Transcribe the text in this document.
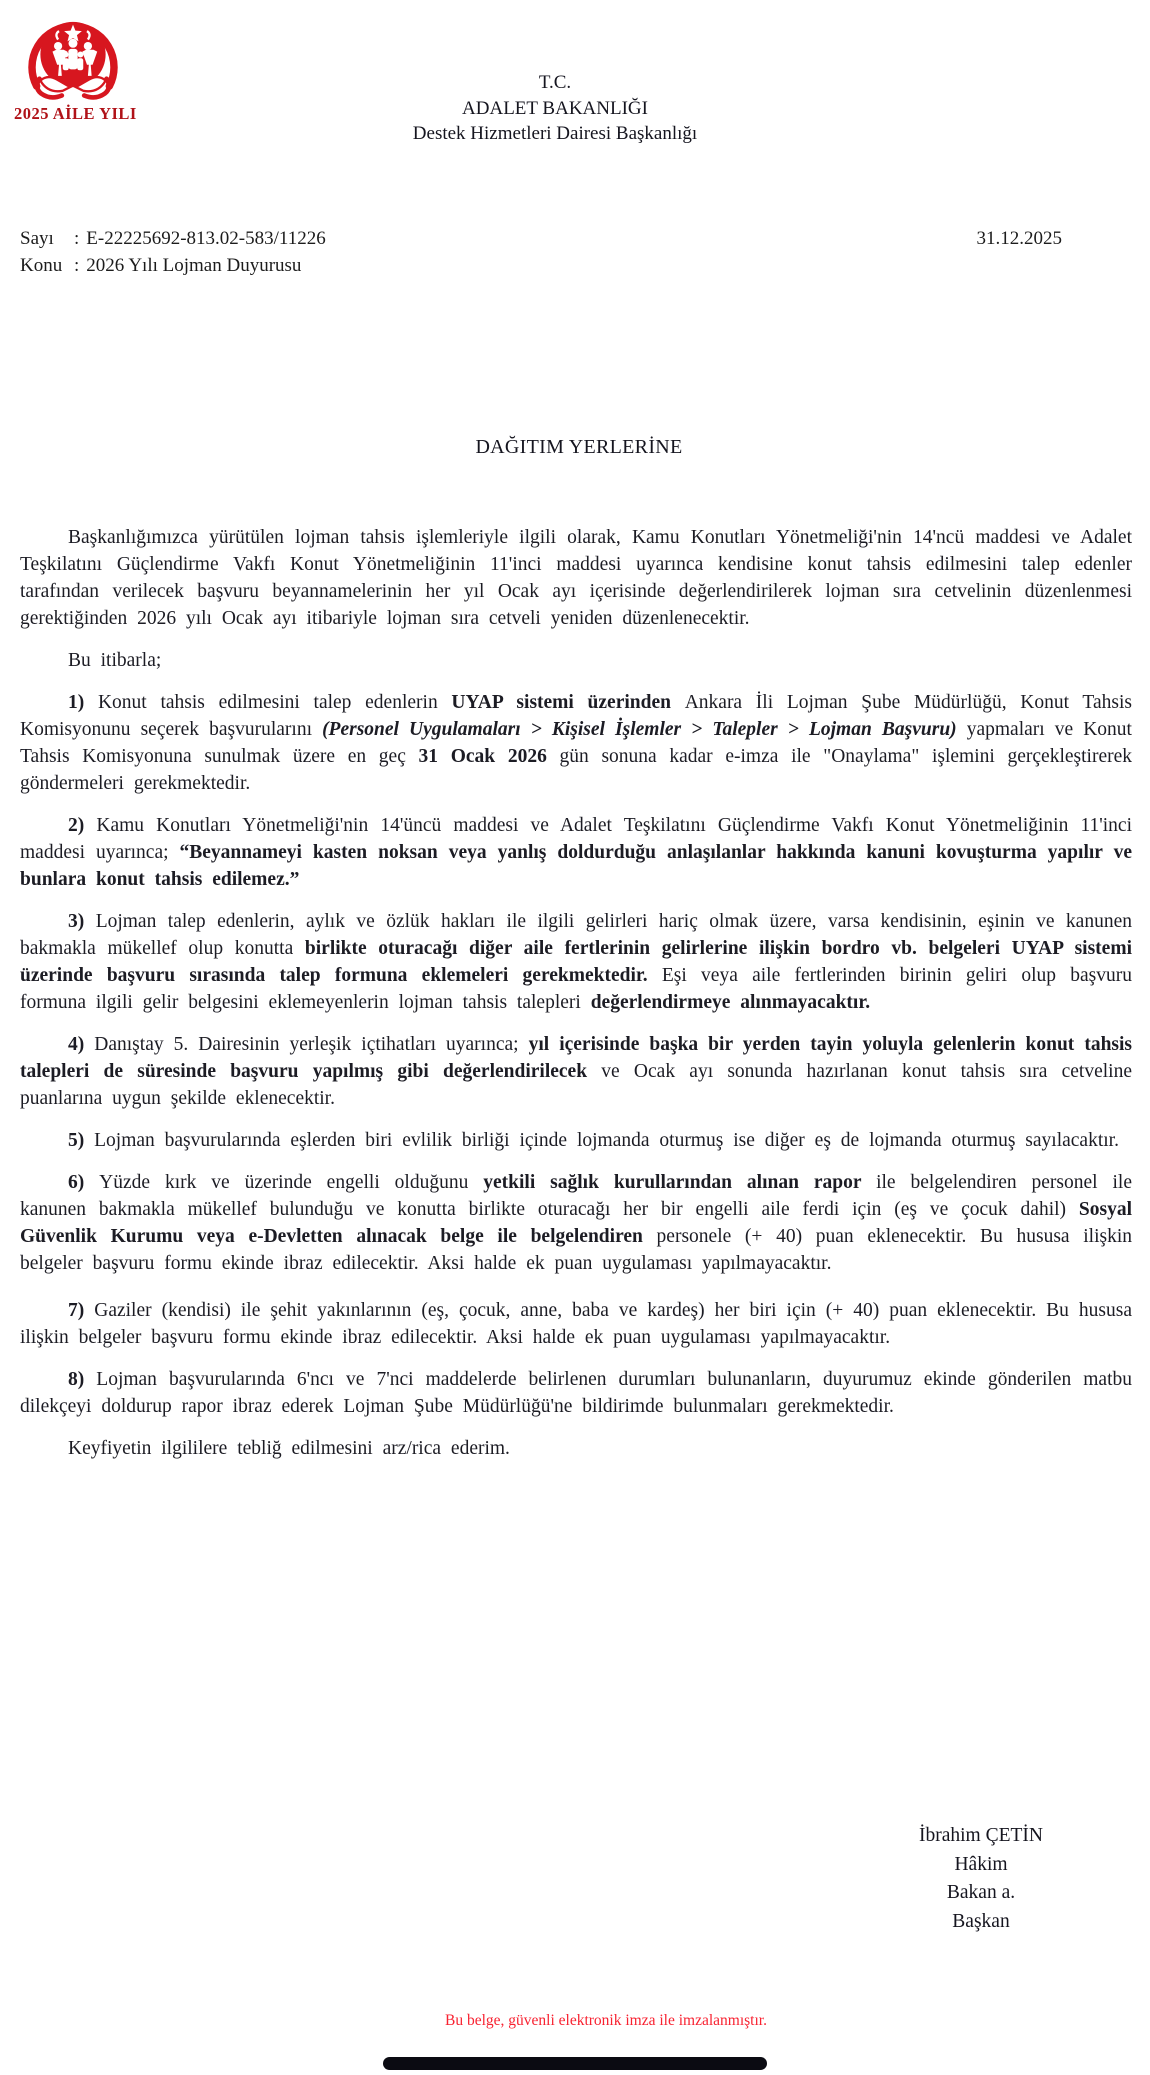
2025 AİLE YILI
T.C.
ADALET BAKANLIĞI
Destek Hizmetleri Dairesi Başkanlığı
Sayı : E-22225692-813.02-583/11226
Konu : 2026 Yılı Lojman Duyurusu
31.12.2025
DAĞITIM YERLERİNE

Başkanlığımızca yürütülen lojman tahsis işlemleriyle ilgili olarak, Kamu Konutları Yönetmeliği'nin 14'ncü maddesi ve Adalet Teşkilatını Güçlendirme Vakfı Konut Yönetmeliğinin 11'inci maddesi uyarınca kendisine konut tahsis edilmesini talep edenler tarafından verilecek başvuru beyannamelerinin her yıl Ocak ayı içerisinde değerlendirilerek lojman sıra cetvelinin düzenlenmesi gerektiğinden 2026 yılı Ocak ayı itibariyle lojman sıra cetveli yeniden düzenlenecektir.

Bu itibarla;

1) Konut tahsis edilmesini talep edenlerin UYAP sistemi üzerinden Ankara İli Lojman Şube Müdürlüğü, Konut Tahsis Komisyonunu seçerek başvurularını (Personel Uygulamaları > Kişisel İşlemler > Talepler > Lojman Başvuru) yapmaları ve Konut Tahsis Komisyonuna sunulmak üzere en geç 31 Ocak 2026 gün sonuna kadar e-imza ile "Onaylama" işlemini gerçekleştirerek göndermeleri gerekmektedir.

2) Kamu Konutları Yönetmeliği'nin 14'üncü maddesi ve Adalet Teşkilatını Güçlendirme Vakfı Konut Yönetmeliğinin 11'inci maddesi uyarınca; “Beyannameyi kasten noksan veya yanlış doldurduğu anlaşılanlar hakkında kanuni kovuşturma yapılır ve bunlara konut tahsis edilemez.”

3) Lojman talep edenlerin, aylık ve özlük hakları ile ilgili gelirleri hariç olmak üzere, varsa kendisinin, eşinin ve kanunen bakmakla mükellef olup konutta birlikte oturacağı diğer aile fertlerinin gelirlerine ilişkin bordro vb. belgeleri UYAP sistemi üzerinde başvuru sırasında talep formuna eklemeleri gerekmektedir. Eşi veya aile fertlerinden birinin geliri olup başvuru formuna ilgili gelir belgesini eklemeyenlerin lojman tahsis talepleri değerlendirmeye alınmayacaktır.

4) Danıştay 5. Dairesinin yerleşik içtihatları uyarınca; yıl içerisinde başka bir yerden tayin yoluyla gelenlerin konut tahsis talepleri de süresinde başvuru yapılmış gibi değerlendirilecek ve Ocak ayı sonunda hazırlanan konut tahsis sıra cetveline puanlarına uygun şekilde eklenecektir.

5) Lojman başvurularında eşlerden biri evlilik birliği içinde lojmanda oturmuş ise diğer eş de lojmanda oturmuş sayılacaktır.

6) Yüzde kırk ve üzerinde engelli olduğunu yetkili sağlık kurullarından alınan rapor ile belgelendiren personel ile kanunen bakmakla mükellef bulunduğu ve konutta birlikte oturacağı her bir engelli aile ferdi için (eş ve çocuk dahil) Sosyal Güvenlik Kurumu veya e-Devletten alınacak belge ile belgelendiren personele (+ 40) puan eklenecektir. Bu hususa ilişkin belgeler başvuru formu ekinde ibraz edilecektir. Aksi halde ek puan uygulaması yapılmayacaktır.

7) Gaziler (kendisi) ile şehit yakınlarının (eş, çocuk, anne, baba ve kardeş) her biri için (+ 40) puan eklenecektir. Bu hususa ilişkin belgeler başvuru formu ekinde ibraz edilecektir. Aksi halde ek puan uygulaması yapılmayacaktır.

8) Lojman başvurularında 6'ncı ve 7'nci maddelerde belirlenen durumları bulunanların, duyurumuz ekinde gönderilen matbu dilekçeyi doldurup rapor ibraz ederek Lojman Şube Müdürlüğü'ne bildirimde bulunmaları gerekmektedir.

Keyfiyetin ilgililere tebliğ edilmesini arz/rica ederim.

İbrahim ÇETİN
Hâkim
Bakan a.
Başkan
Bu belge, güvenli elektronik imza ile imzalanmıştır.
